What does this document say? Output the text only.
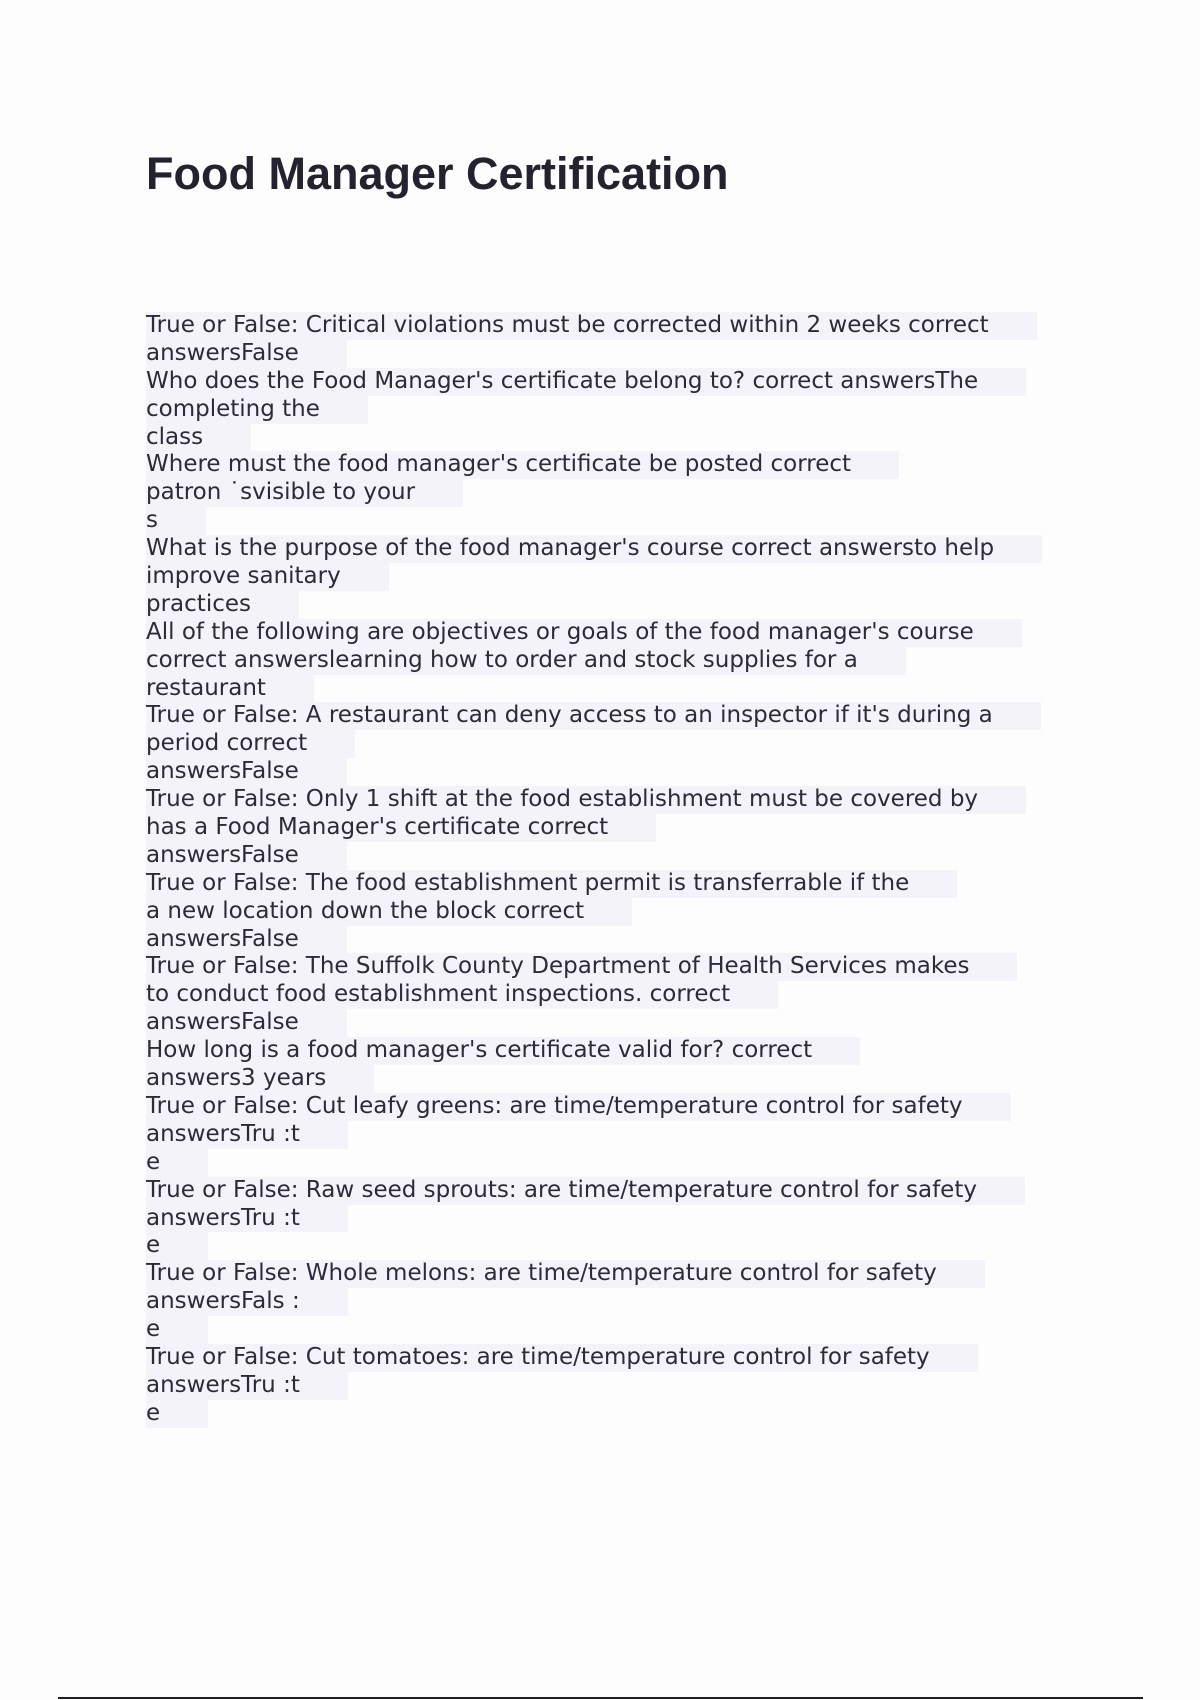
Food Manager Certification

True or False: Critical violations must be corrected within 2 weeks correct
answersFalse

Who does the Food Manager's certificate belong to? correct answersThe
completing the
class

Where must the food manager's certificate be posted correct
patron ˙svisible to your
s

What is the purpose of the food manager's course correct answersto help
improve sanitary
practices

All of the following are objectives or goals of the food manager's course
correct answerslearning how to order and stock supplies for a
restaurant

True or False: A restaurant can deny access to an inspector if it's during a
period correct
answersFalse

True or False: Only 1 shift at the food establishment must be covered by
has a Food Manager's certificate correct
answersFalse

True or False: The food establishment permit is transferrable if the
a new location down the block correct
answersFalse

True or False: The Suffolk County Department of Health Services makes
to conduct food establishment inspections. correct
answersFalse

How long is a food manager's certificate valid for? correct
answers3 years

True or False: Cut leafy greens: are time/temperature control for safety
answersTru :t
e

True or False: Raw seed sprouts: are time/temperature control for safety
answersTru :t
e

True or False: Whole melons: are time/temperature control for safety
answersFals :
e

True or False: Cut tomatoes: are time/temperature control for safety
answersTru :t
e
